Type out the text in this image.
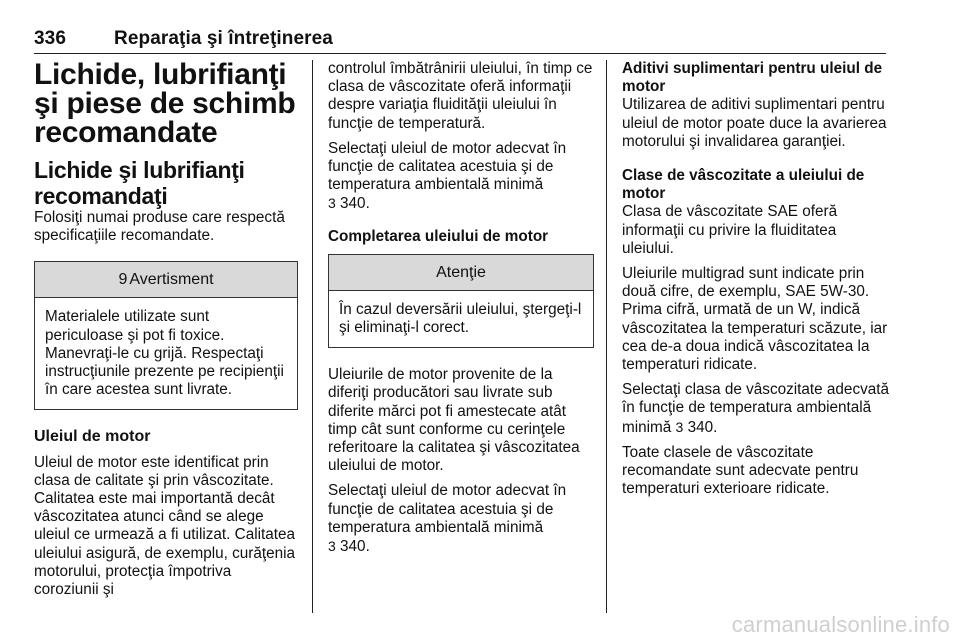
336	Reparaţia şi întreţinerea
Lichide, lubrifianţi şi piese de schimb recomandate
Lichide şi lubrifianţi recomandaţi

Folosiţi numai produse care respectă specificaţiile recomandate.

9 Avertisment

Materialele utilizate sunt periculoase şi pot fi toxice. Manevraţi-le cu grijă. Respectaţi instrucţiunile prezente pe recipienţii în care acestea sunt livrate.

Uleiul de motor

Uleiul de motor este identificat prin clasa de calitate şi prin vâscozitate. Calitatea este mai importantă decât vâscozitatea atunci când se alege uleiul ce urmează a fi utilizat. Calitatea uleiului asigură, de exemplu, curăţenia motorului, protecţia împotriva coroziunii şi

controlul îmbătrânirii uleiului, în timp ce clasa de vâscozitate oferă informaţii despre variaţia fluidităţii uleiului în funcţie de temperatură.

Selectaţi uleiul de motor adecvat în funcţie de calitatea acestuia şi de temperatura ambientală minimă
3 340.

Completarea uleiului de motor

Atenţie

În cazul deversării uleiului, ştergeţi-l şi eliminaţi-l corect.

Uleiurile de motor provenite de la diferiţi producători sau livrate sub diferite mărci pot fi amestecate atât timp cât sunt conforme cu cerinţele referitoare la calitatea şi vâscozitatea uleiului de motor.

Selectaţi uleiul de motor adecvat în funcţie de calitatea acestuia şi de temperatura ambientală minimă
3 340.

Aditivi suplimentari pentru uleiul de motor

Utilizarea de aditivi suplimentari pentru uleiul de motor poate duce la avarierea motorului şi invalidarea garanţiei.

Clase de vâscozitate a uleiului de motor

Clasa de vâscozitate SAE oferă informaţii cu privire la fluiditatea uleiului.

Uleiurile multigrad sunt indicate prin două cifre, de exemplu, SAE 5W-30. Prima cifră, urmată de un W, indică vâscozitatea la temperaturi scăzute, iar cea de-a doua indică vâscozitatea la temperaturi ridicate.

Selectaţi clasa de vâscozitate adecvată în funcţie de temperatura ambientală minimă 3 340.

Toate clasele de vâscozitate recomandate sunt adecvate pentru temperaturi exterioare ridicate.

carmanualsonline.info
